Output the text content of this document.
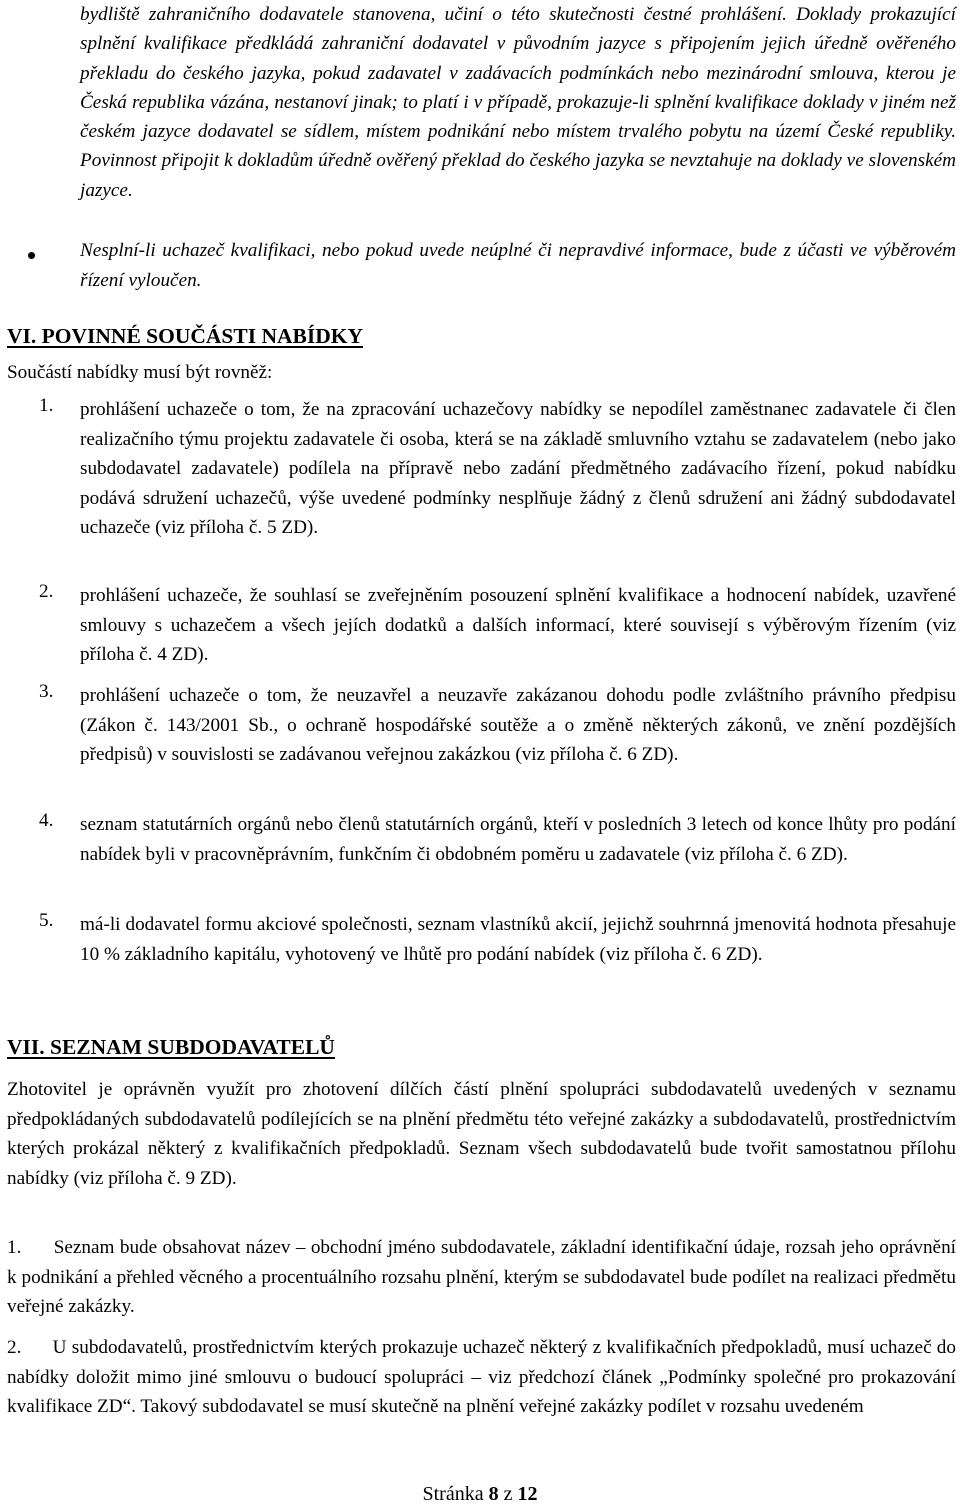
bydliště zahraničního dodavatele stanovena, učiní o této skutečnosti čestné prohlášení. Doklady prokazující splnění kvalifikace předkládá zahraniční dodavatel v původním jazyce s připojením jejich úředně ověřeného překladu do českého jazyka, pokud zadavatel v zadávacích podmínkách nebo mezinárodní smlouva, kterou je Česká republika vázána, nestanoví jinak; to platí i v případě, prokazuje-li splnění kvalifikace doklady v jiném než českém jazyce dodavatel se sídlem, místem podnikání nebo místem trvalého pobytu na území České republiky. Povinnost připojit k dokladům úředně ověřený překlad do českého jazyka se nevztahuje na doklady ve slovenském jazyce.

Nesplní-li uchazeč kvalifikaci, nebo pokud uvede neúplné či nepravdivé informace, bude z účasti ve výběrovém řízení vyloučen.

VI. POVINNÉ SOUČÁSTI NABÍDKY
Součástí nabídky musí být rovněž:
1. prohlášení uchazeče o tom, že na zpracování uchazečovy nabídky se nepodílel zaměstnanec zadavatele či člen realizačního týmu projektu zadavatele či osoba, která se na základě smluvního vztahu se zadavatelem (nebo jako subdodavatel zadavatele) podílela na přípravě nebo zadání předmětného zadávacího řízení, pokud nabídku podává sdružení uchazečů, výše uvedené podmínky nesplňuje žádný z členů sdružení ani žádný subdodavatel uchazeče (viz příloha č. 5 ZD).

2. prohlášení uchazeče, že souhlasí se zveřejněním posouzení splnění kvalifikace a hodnocení nabídek, uzavřené smlouvy s uchazečem a všech jejích dodatků a dalších informací, které souvisejí s výběrovým řízením (viz příloha č. 4 ZD).

3. prohlášení uchazeče o tom, že neuzavřel a neuzavře zakázanou dohodu podle zvláštního právního předpisu (Zákon č. 143/2001 Sb., o ochraně hospodářské soutěže a o změně některých zákonů, ve znění pozdějších předpisů) v souvislosti se zadávanou veřejnou zakázkou (viz příloha č. 6 ZD).

4. seznam statutárních orgánů nebo členů statutárních orgánů, kteří v posledních 3 letech od konce lhůty pro podání nabídek byli v pracovněprávním, funkčním či obdobném poměru u zadavatele (viz příloha č. 6 ZD).

5. má-li dodavatel formu akciové společnosti, seznam vlastníků akcií, jejichž souhrnná jmenovitá hodnota přesahuje 10 % základního kapitálu, vyhotovený ve lhůtě pro podání nabídek (viz příloha č. 6 ZD).

VII. SEZNAM SUBDODAVATELŮ

Zhotovitel je oprávněn využít pro zhotovení dílčích částí plnění spolupráci subdodavatelů uvedených v seznamu předpokládaných subdodavatelů podílejících se na plnění předmětu této veřejné zakázky a subdodavatelů, prostřednictvím kterých prokázal některý z kvalifikačních předpokladů. Seznam všech subdodavatelů bude tvořit samostatnou přílohu nabídky (viz příloha č. 9 ZD).

1.      Seznam bude obsahovat název – obchodní jméno subdodavatele, základní identifikační údaje, rozsah jeho oprávnění k podnikání a přehled věcného a procentuálního rozsahu plnění, kterým se subdodavatel bude podílet na realizaci předmětu veřejné zakázky.

2.      U subdodavatelů, prostřednictvím kterých prokazuje uchazeč některý z kvalifikačních předpokladů, musí uchazeč do nabídky doložit mimo jiné smlouvu o budoucí spolupráci – viz předchozí článek „Podmínky společné pro prokazování kvalifikace ZD“. Takový subdodavatel se musí skutečně na plnění veřejné zakázky podílet v rozsahu uvedeném

Stránka 8 z 12
